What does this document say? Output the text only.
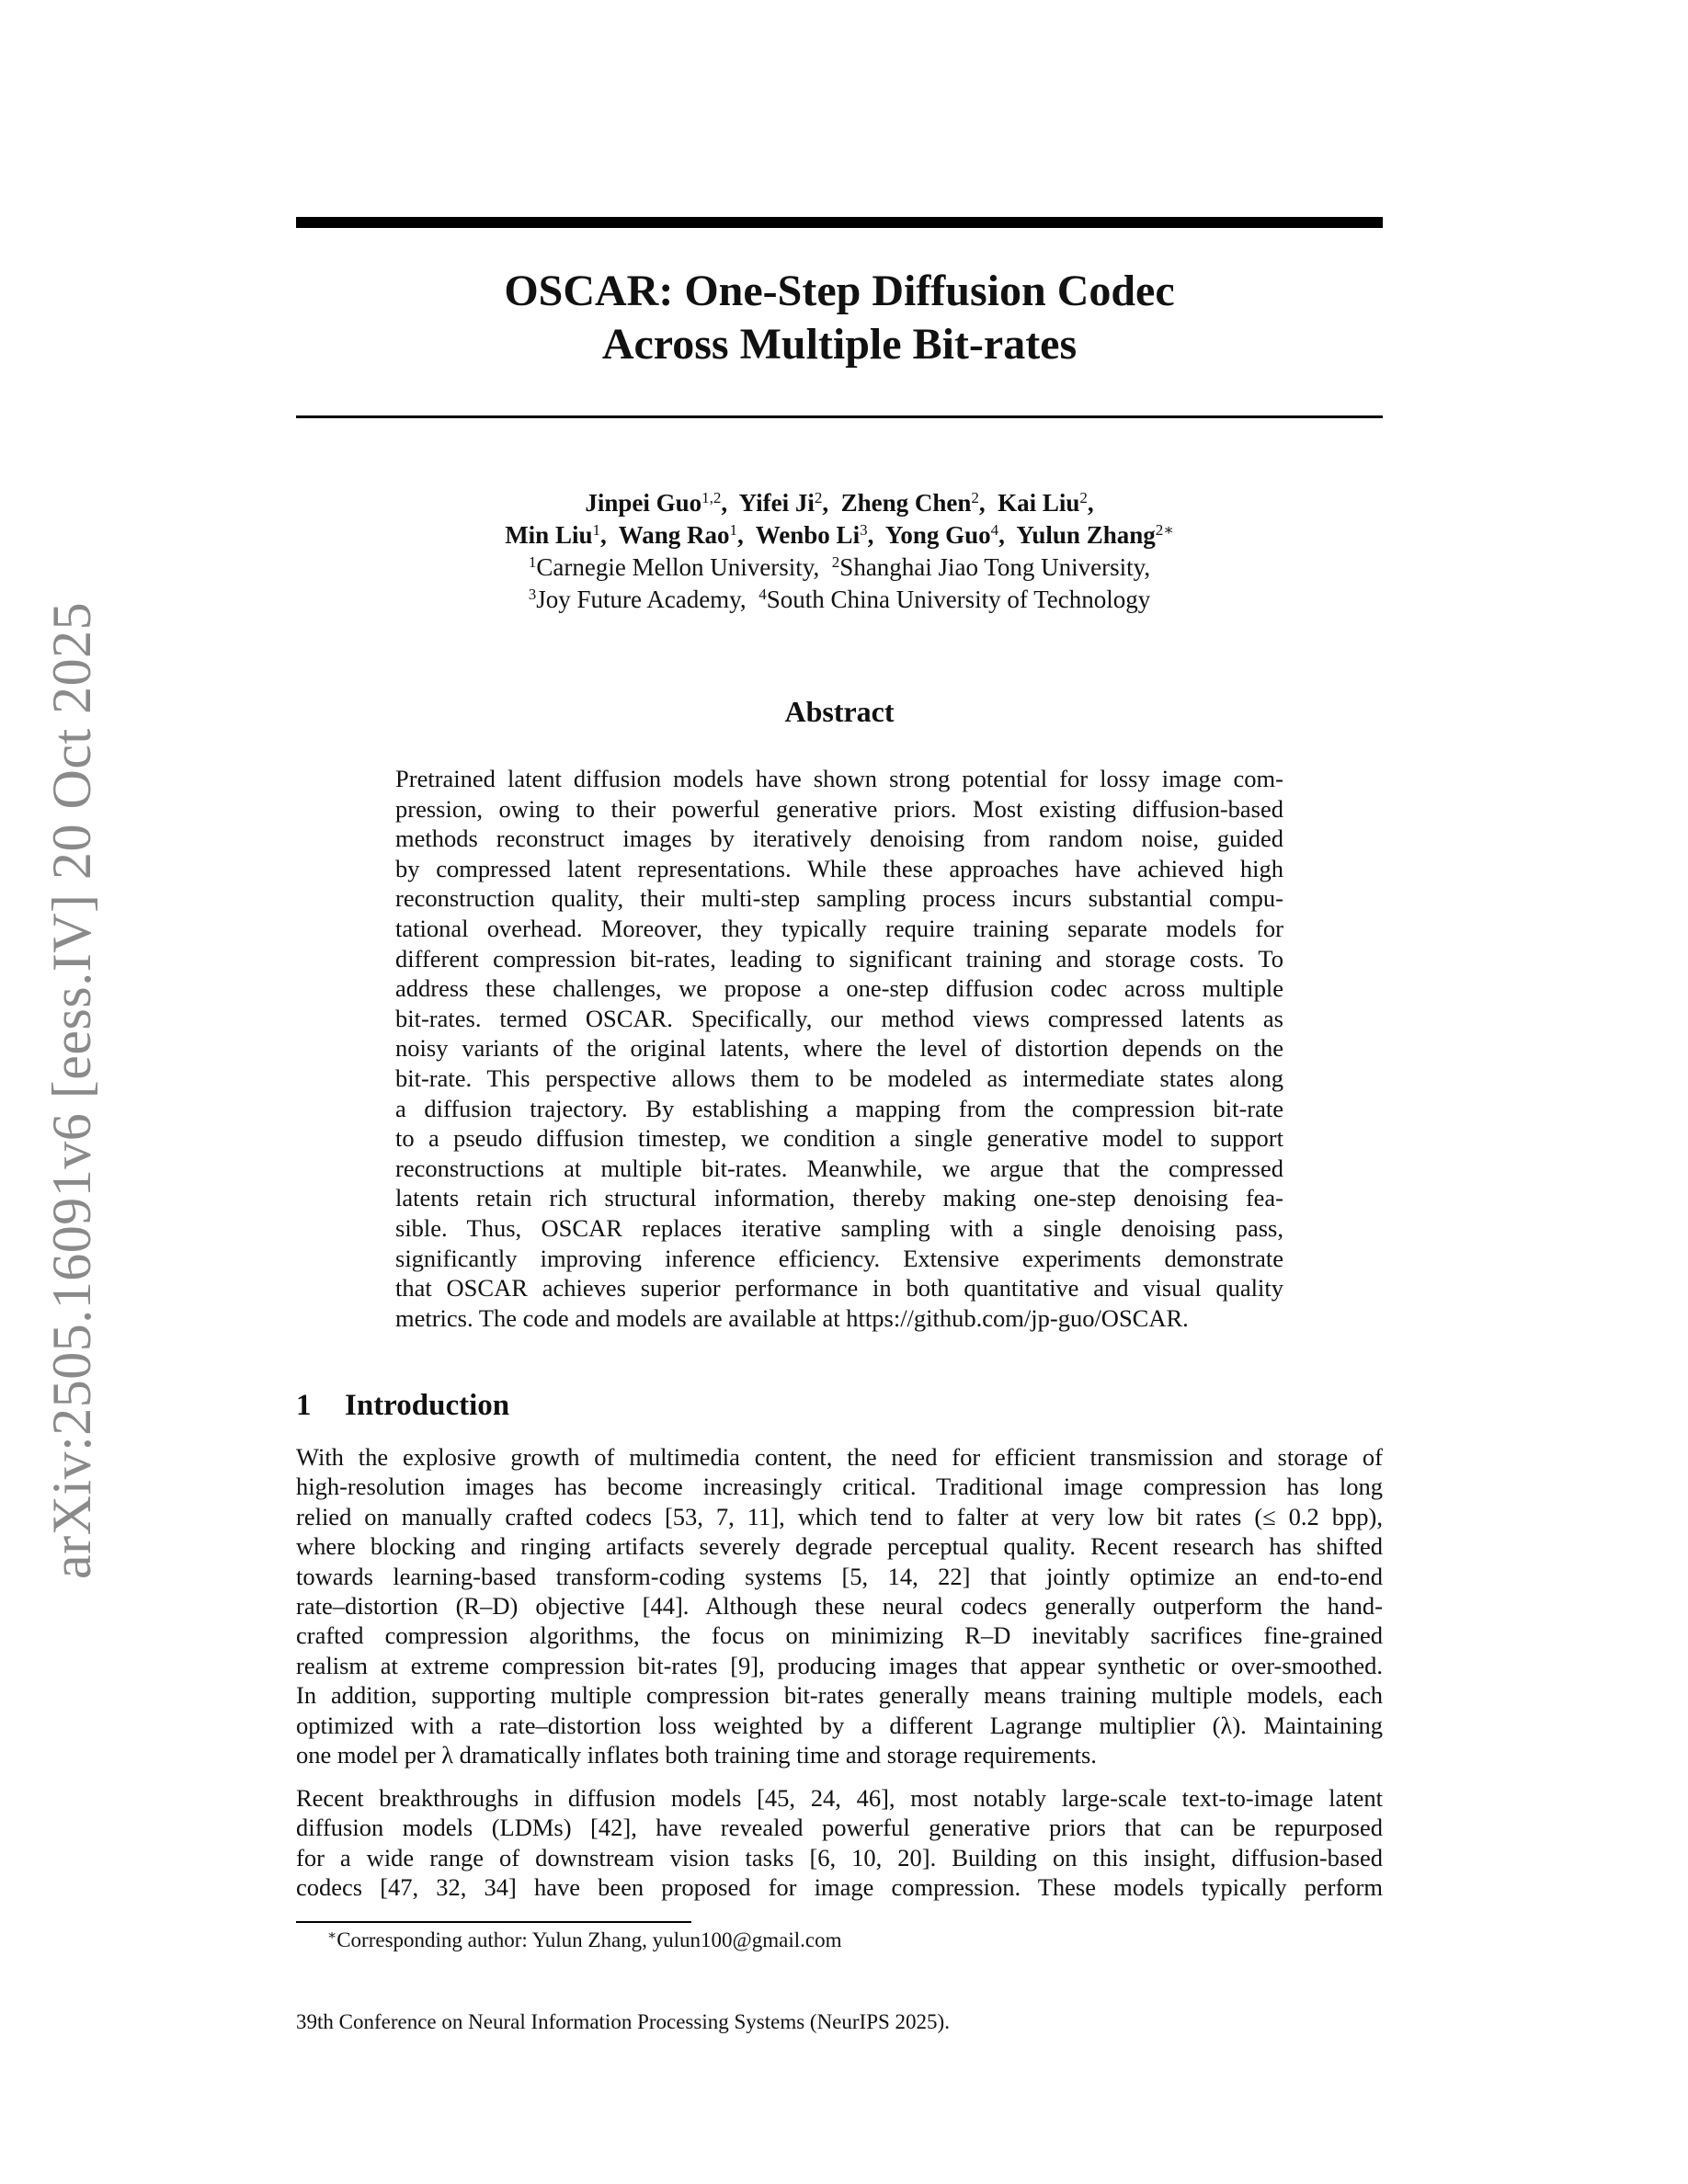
arXiv:2505.16091v6 [eess.IV] 20 Oct 2025
OSCAR: One-Step Diffusion Codec
Across Multiple Bit-rates
Jinpei Guo$^{1,2}$, Yifei Ji$^2$, Zheng Chen$^2$, Kai Liu$^2$,
Min Liu$^1$, Wang Rao$^1$, Wenbo Li$^3$, Yong Guo$^4$, Yulun Zhang$^{2∗}$
$^1$Carnegie Mellon University, $^2$Shanghai Jiao Tong University,
$^3$Joy Future Academy, $^4$South China University of Technology
Abstract
Pretrained latent diffusion models have shown strong potential for lossy image com-
pression, owing to their powerful generative priors. Most existing diffusion-based
methods reconstruct images by iteratively denoising from random noise, guided
by compressed latent representations. While these approaches have achieved high
reconstruction quality, their multi-step sampling process incurs substantial compu-
tational overhead. Moreover, they typically require training separate models for
different compression bit-rates, leading to significant training and storage costs. To
address these challenges, we propose a one-step diffusion codec across multiple
bit-rates. termed OSCAR. Specifically, our method views compressed latents as
noisy variants of the original latents, where the level of distortion depends on the
bit-rate. This perspective allows them to be modeled as intermediate states along
a diffusion trajectory. By establishing a mapping from the compression bit-rate
to a pseudo diffusion timestep, we condition a single generative model to support
reconstructions at multiple bit-rates. Meanwhile, we argue that the compressed
latents retain rich structural information, thereby making one-step denoising fea-
sible. Thus, OSCAR replaces iterative sampling with a single denoising pass,
significantly improving inference efficiency. Extensive experiments demonstrate
that OSCAR achieves superior performance in both quantitative and visual quality
metrics. The code and models are available at https://github.com/jp-guo/OSCAR.
1 Introduction
With the explosive growth of multimedia content, the need for efficient transmission and storage of
high-resolution images has become increasingly critical. Traditional image compression has long
relied on manually crafted codecs [53, 7, 11], which tend to falter at very low bit rates (≤ 0.2 bpp),
where blocking and ringing artifacts severely degrade perceptual quality. Recent research has shifted
towards learning-based transform-coding systems [5, 14, 22] that jointly optimize an end-to-end
rate–distortion (R–D) objective [44]. Although these neural codecs generally outperform the hand-
crafted compression algorithms, the focus on minimizing R–D inevitably sacrifices fine-grained
realism at extreme compression bit-rates [9], producing images that appear synthetic or over-smoothed.
In addition, supporting multiple compression bit-rates generally means training multiple models, each
optimized with a rate–distortion loss weighted by a different Lagrange multiplier (λ). Maintaining
one model per λ dramatically inflates both training time and storage requirements.
Recent breakthroughs in diffusion models [45, 24, 46], most notably large-scale text-to-image latent
diffusion models (LDMs) [42], have revealed powerful generative priors that can be repurposed
for a wide range of downstream vision tasks [6, 10, 20]. Building on this insight, diffusion-based
codecs [47, 32, 34] have been proposed for image compression. These models typically perform
∗Corresponding author: Yulun Zhang, yulun100@gmail.com
39th Conference on Neural Information Processing Systems (NeurIPS 2025).
